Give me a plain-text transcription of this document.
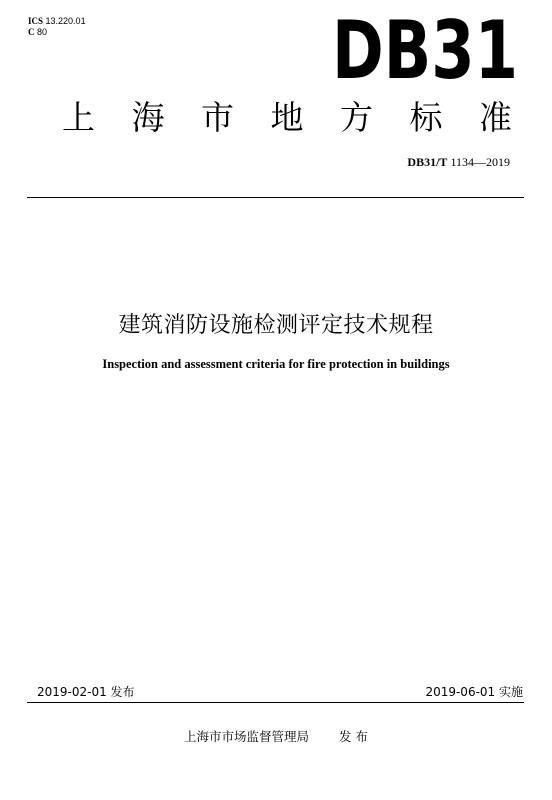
ICS 13.220.01
C 80	DB31
上海市地方标准
DB31/T 1134—2019
建筑消防设施检测评定技术规程
Inspection and assessment criteria for fire protection in buildings
2019-02-01 发布	2019-06-01 实施
上海市市场监督管理局 发 布
